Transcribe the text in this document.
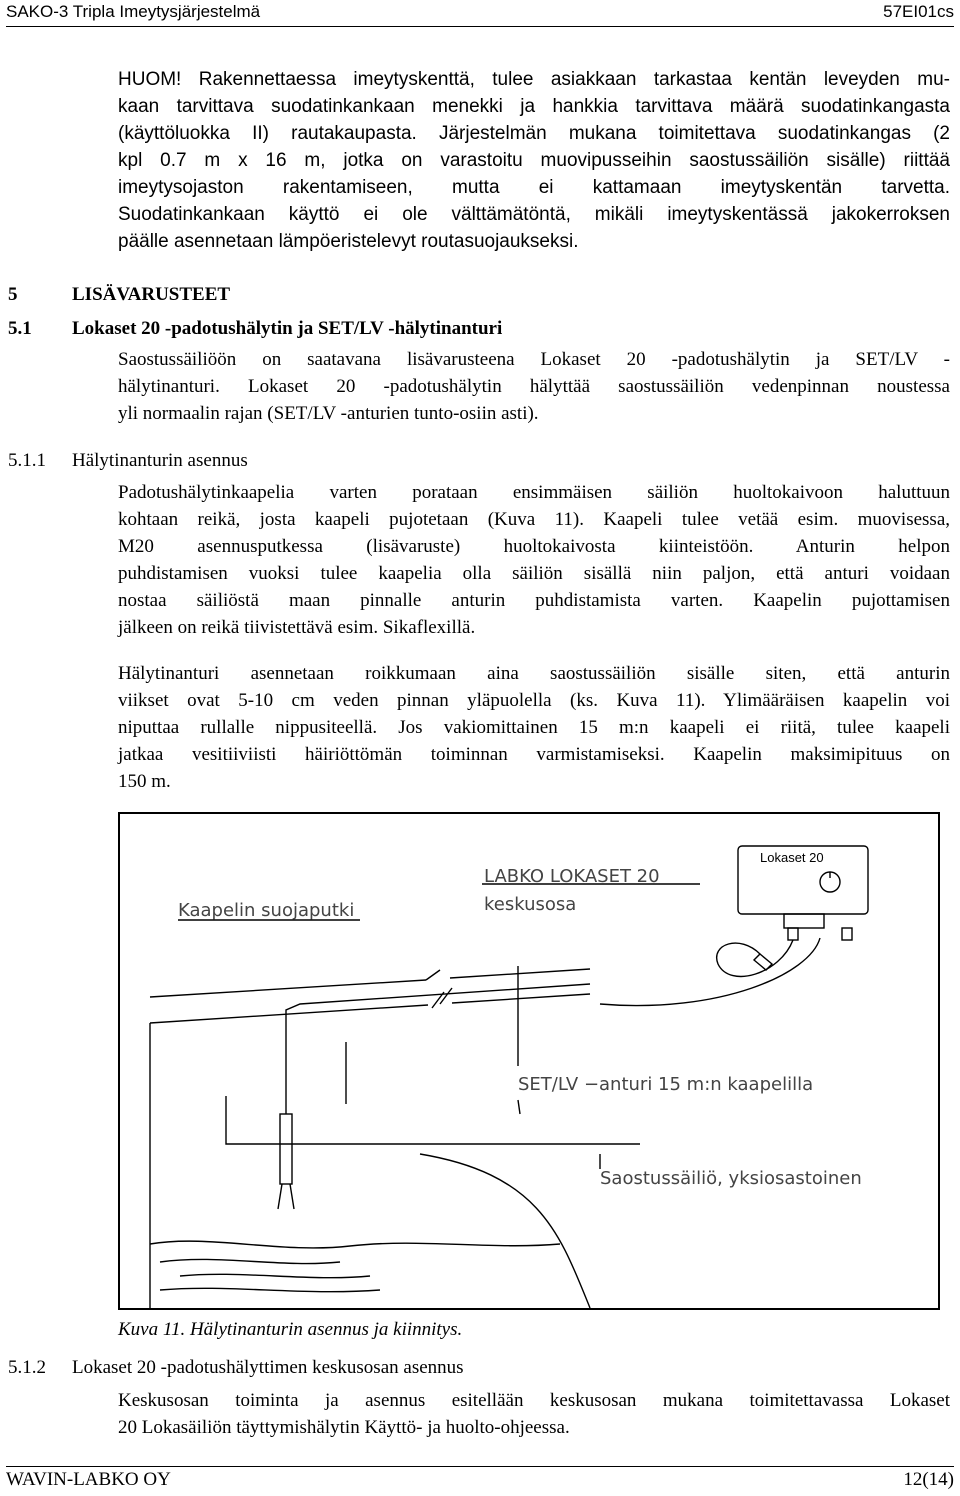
SAKO-3 Tripla Imeytysjärjestelmä	57EI01cs
HUOM! Rakennettaessa imeytyskenttä, tulee asiakkaan tarkastaa kentän leveyden mu-
kaan tarvittava suodatinkankaan menekki ja hankkia tarvittava määrä suodatinkangasta
(käyttöluokka II) rautakaupasta. Järjestelmän mukana toimitettava suodatinkangas (2
kpl 0.7 m x 16 m, jotka on varastoitu muovipusseihin saostussäiliön sisälle) riittää
imeytysojaston rakentamiseen, mutta ei kattamaan imeytyskentän tarvetta.
Suodatinkankaan käyttö ei ole välttämätöntä, mikäli imeytyskentässä jakokerroksen
päälle asennetaan lämpöeristelevyt routasuojaukseksi.
5	LISÄVARUSTEET
5.1 Lokaset 20 -padotushälytin ja SET/LV -hälytinanturi
Saostussäiliöön on saatavana lisävarusteena Lokaset 20 -padotushälytin ja SET/LV -
hälytinanturi. Lokaset 20 -padotushälytin hälyttää saostussäiliön vedenpinnan noustessa
yli normaalin rajan (SET/LV -anturien tunto-osiin asti).
5.1.1 Hälytinanturin asennus
Padotushälytinkaapelia varten porataan ensimmäisen säiliön huoltokaivoon haluttuun
kohtaan reikä, josta kaapeli pujotetaan (Kuva 11). Kaapeli tulee vetää esim. muovisessa,
M20 asennusputkessa (lisävaruste) huoltokaivosta kiinteistöön. Anturin helpon
puhdistamisen vuoksi tulee kaapelia olla säiliön sisällä niin paljon, että anturi voidaan
nostaa säiliöstä maan pinnalle anturin puhdistamista varten. Kaapelin pujottamisen
jälkeen on reikä tiivistettävä esim. Sikaflexillä.
Hälytinanturi asennetaan roikkumaan aina saostussäiliön sisälle siten, että anturin
viikset ovat 5-10 cm veden pinnan yläpuolella (ks. Kuva 11). Ylimääräisen kaapelin voi
niputtaa rullalle nippusiteellä. Jos vakiomittainen 15 m:n kaapeli ei riitä, tulee kaapeli
jatkaa vesitiiviisti häiriöttömän toiminnan varmistamiseksi. Kaapelin maksimipituus on
150 m.
Lokaset 20
Kaapelin suojaputki
LABKO LOKASET 20
keskusosa
SET/LV −anturi 15 m:n kaapelilla
Saostussäiliö, yksiosastoinen
Kuva 11. Hälytinanturin asennus ja kiinnitys.
5.1.2 Lokaset 20 -padotushälyttimen keskusosan asennus
Keskusosan toiminta ja asennus esitellään keskusosan mukana toimitettavassa Lokaset
20 Lokasäiliön täyttymishälytin Käyttö- ja huolto-ohjeessa.
WAVIN-LABKO OY	12(14)
